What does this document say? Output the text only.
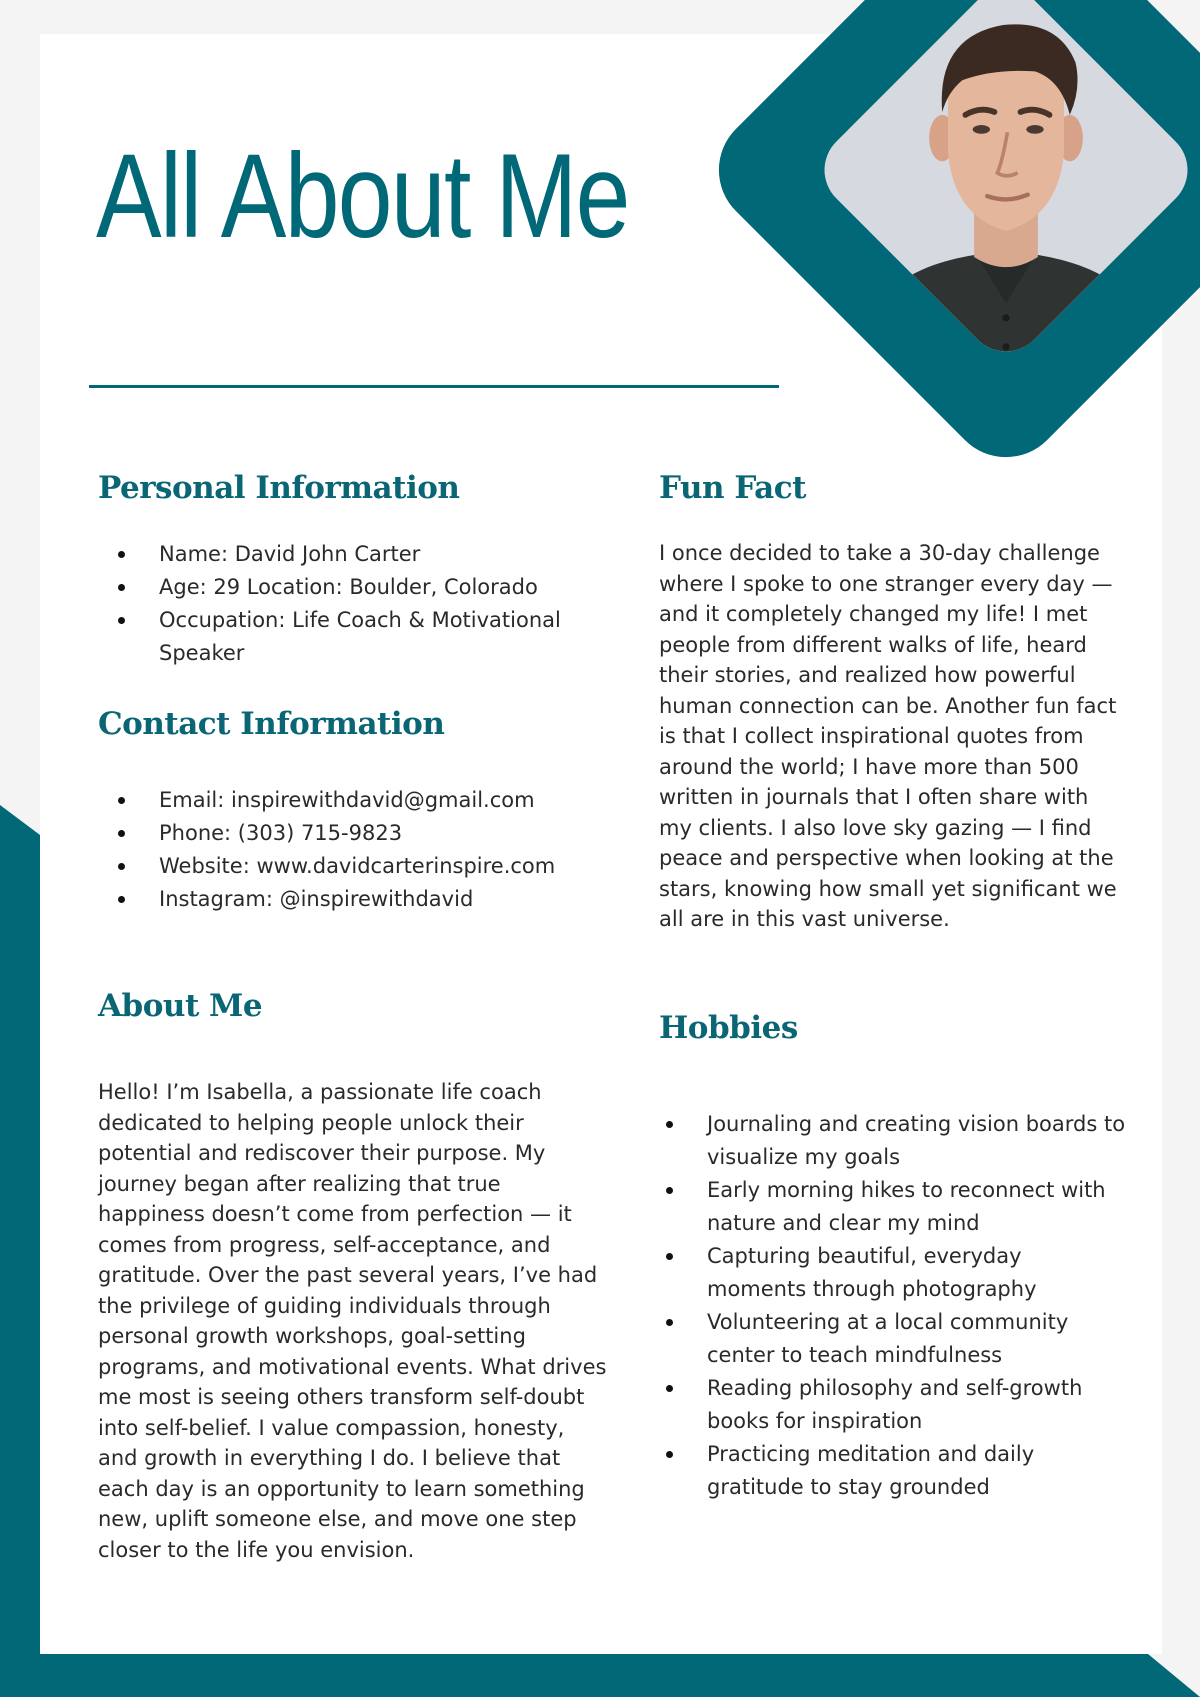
All About Me
Personal Information
Name: David John Carter
Age: 29 Location: Boulder, Colorado
Occupation: Life Coach & Motivational Speaker
Contact Information
Email: inspirewithdavid@gmail.com
Phone: (303) 715-9823
Website: www.davidcarterinspire.com
Instagram: @inspirewithdavid
About Me

Hello! I’m Isabella, a passionate life coach dedicated to helping people unlock their potential and rediscover their purpose. My journey began after realizing that true happiness doesn’t come from perfection — it comes from progress, self-acceptance, and gratitude. Over the past several years, I’ve had the privilege of guiding individuals through personal growth workshops, goal-setting programs, and motivational events. What drives me most is seeing others transform self-doubt into self-belief. I value compassion, honesty, and growth in everything I do. I believe that each day is an opportunity to learn something new, uplift someone else, and move one step closer to the life you envision.

Fun Fact

I once decided to take a 30-day challenge where I spoke to one stranger every day — and it completely changed my life! I met people from different walks of life, heard their stories, and realized how powerful human connection can be. Another fun fact is that I collect inspirational quotes from around the world; I have more than 500 written in journals that I often share with my clients. I also love sky gazing — I find peace and perspective when looking at the stars, knowing how small yet significant we all are in this vast universe.

Hobbies
Journaling and creating vision boards to visualize my goals
Early morning hikes to reconnect with nature and clear my mind
Capturing beautiful, everyday moments through photography
Volunteering at a local community center to teach mindfulness
Reading philosophy and self-growth books for inspiration
Practicing meditation and daily gratitude to stay grounded
